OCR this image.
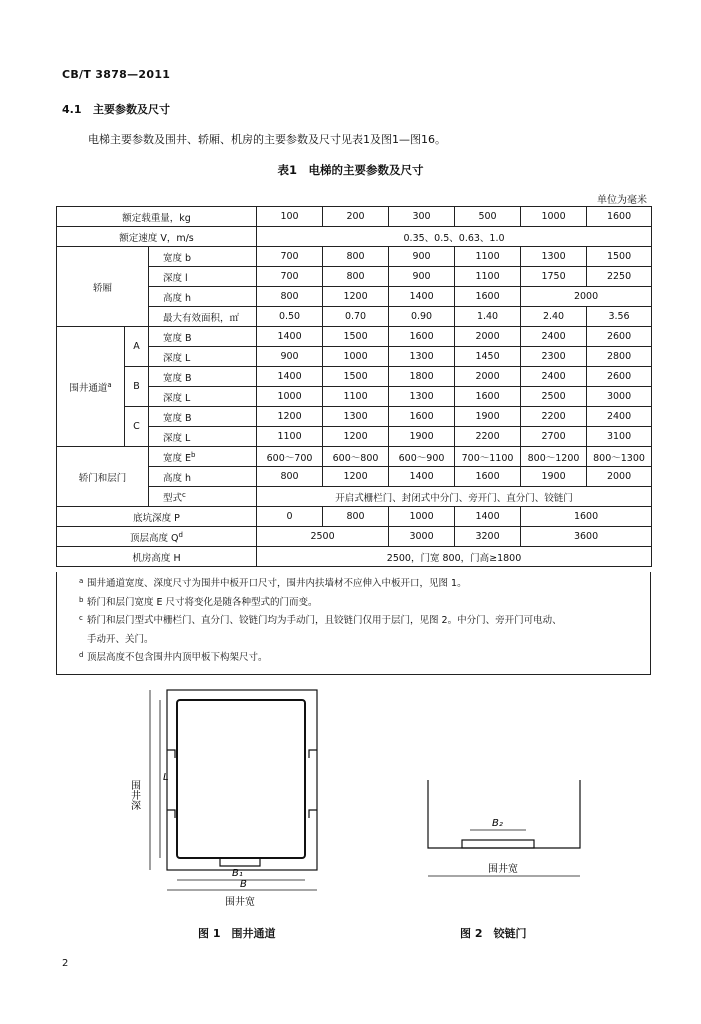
CB/T 3878—2011
4.1 主要参数及尺寸
电梯主要参数及围井、轿厢、机房的主要参数及尺寸见表1及图1—图16。
表1　电梯的主要参数及尺寸
单位为毫米
额定载重量，kg			100	200	300	500	1000	1600
额定速度 V，m/s			0.35、0.5、0.63、1.0					
轿厢		宽度 b	700	800	900	1100	1300	1500
		深度 l	700	800	900	1100	1750	2250
		高度 h	800	1200	1400	1600	2000	
		最大有效面积，㎡	0.50	0.70	0.90	1.40	2.40	3.56
围井通道$^a$	A	宽度 B	1400	1500	1600	2000	2400	2600
		深度 L	900	1000	1300	1450	2300	2800
	B	宽度 B	1400	1500	1800	2000	2400	2600
		深度 L	1000	1100	1300	1600	2500	3000
	C	宽度 B	1200	1300	1600	1900	2200	2400
		深度 L	1100	1200	1900	2200	2700	3100
轿门和层门		宽度 $E^b$	600～700	600～800	600～900	700～1100	800～1200	800～1300
		高度 h	800	1200	1400	1600	1900	2000
		型式$^c$	开启式栅栏门、封闭式中分门、旁开门、直分门、铰链门					
底坑深度 P			0	800	1000	1400	1600	
顶层高度 $Q^d$			2500		3000	3200	3600	
机房高度 H			2500，门宽 800，门高≥1800					
a 围井通道宽度、深度尺寸为围井中板开口尺寸，围井内扶墙材不应伸入中板开口，见图 1。
b 轿门和层门宽度 E 尺寸将变化是随各种型式的门而变。
c 轿门和层门型式中栅栏门、直分门、铰链门均为手动门，且铰链门仅用于层门，见图 2。中分门、旁开门可电动、
手动开、关门。
d 顶层高度不包含围井内顶甲板下构架尺寸。
围井深
L
B₁
B
围井宽
B₂
围井宽
图 1　围井通道	图 2　铰链门
2
